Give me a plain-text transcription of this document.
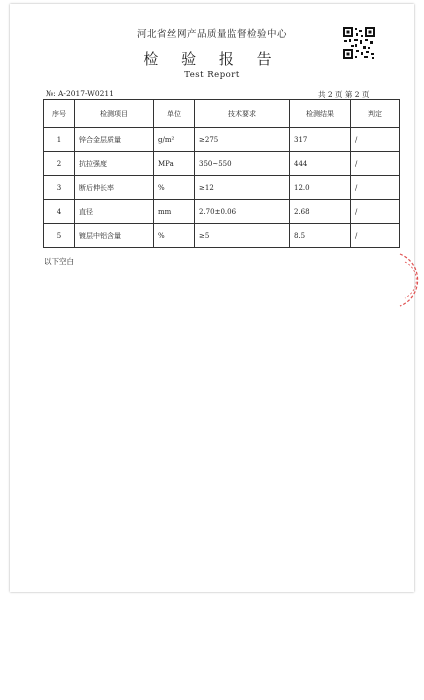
河北省丝网产品质量监督检验中心
检 验 报 告
Test Report
№: A-2017-W0211	共 2 页 第 2 页
序号	检测项目	单位	技术要求	检测结果	判定
1	锌合金层质量	g/m²	≥275	317	/
2	抗拉强度	MPa	350~550	444	/
3	断后伸长率	%	≥12	12.0	/
4	直径	mm	2.70±0.06	2.68	/
5	镀层中铝含量	%	≥5	8.5	/
以下空白
